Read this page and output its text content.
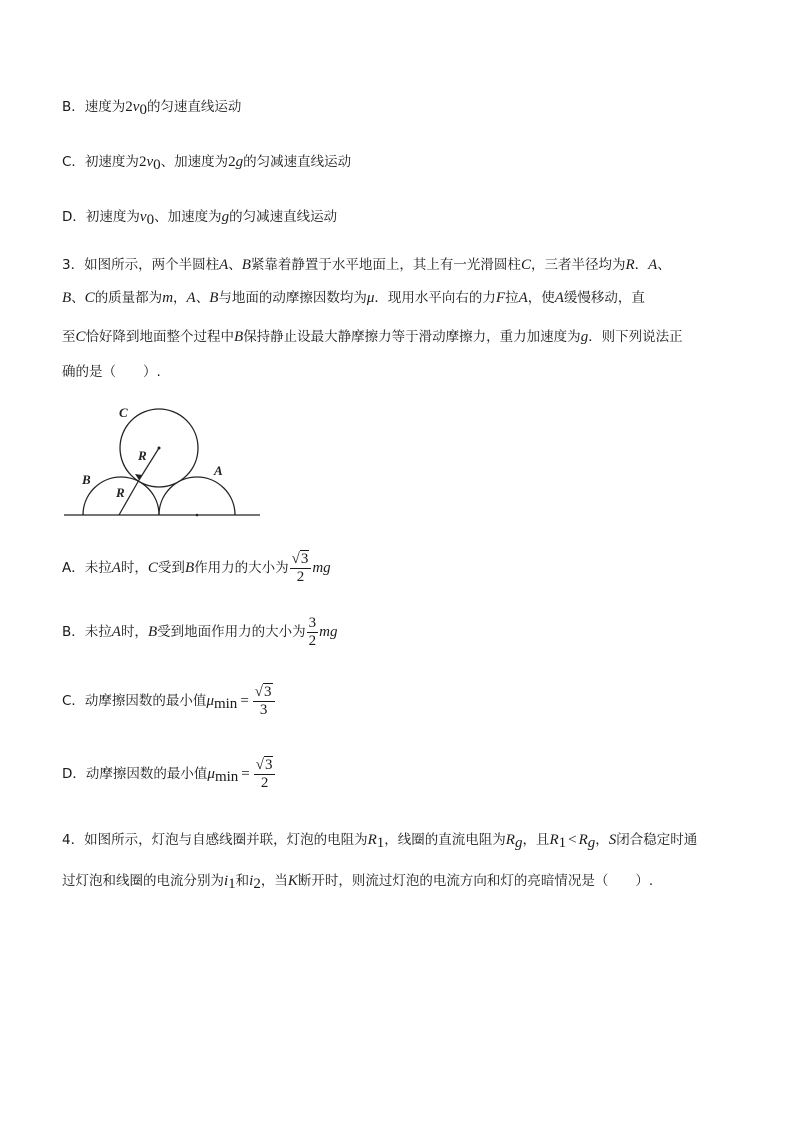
B．速度为$2v_0$的匀速直线运动
C．初速度为$2v_0$、加速度为2g的匀减速直线运动
D．初速度为$v_0$、加速度为g的匀减速直线运动
3．如图所示，两个半圆柱A、B紧靠着静置于水平地面上，其上有一光滑圆柱C，三者半径均为R．A、
B、C的质量都为m，A、B与地面的动摩擦因数均为μ．现用水平向右的力F拉A，使A缓慢移动，直
至C恰好降到地面整个过程中B保持静止设最大静摩擦力等于滑动摩擦力，重力加速度为g．则下列说法正
确的是（　　）.
C
R
R
B
A
A．未拉A时，C受到B作用力的大小为 $\frac{√3}{2}$ mg
B．未拉A时，B受到地面作用力的大小为 $\frac{3}{2}$ mg
C．动摩擦因数的最小值$\mu_{min} = \frac{√3}{3}$
D．动摩擦因数的最小值$\mu_{min} = \frac{√3}{2}$
4．如图所示，灯泡与自感线圈并联，灯泡的电阻为$R_1$，线圈的直流电阻为$R_g$，且$R_1 < R_g$，S闭合稳定时通
过灯泡和线圈的电流分别为$i_1$和$i_2$，当K断开时，则流过灯泡的电流方向和灯的亮暗情况是（　　）.
